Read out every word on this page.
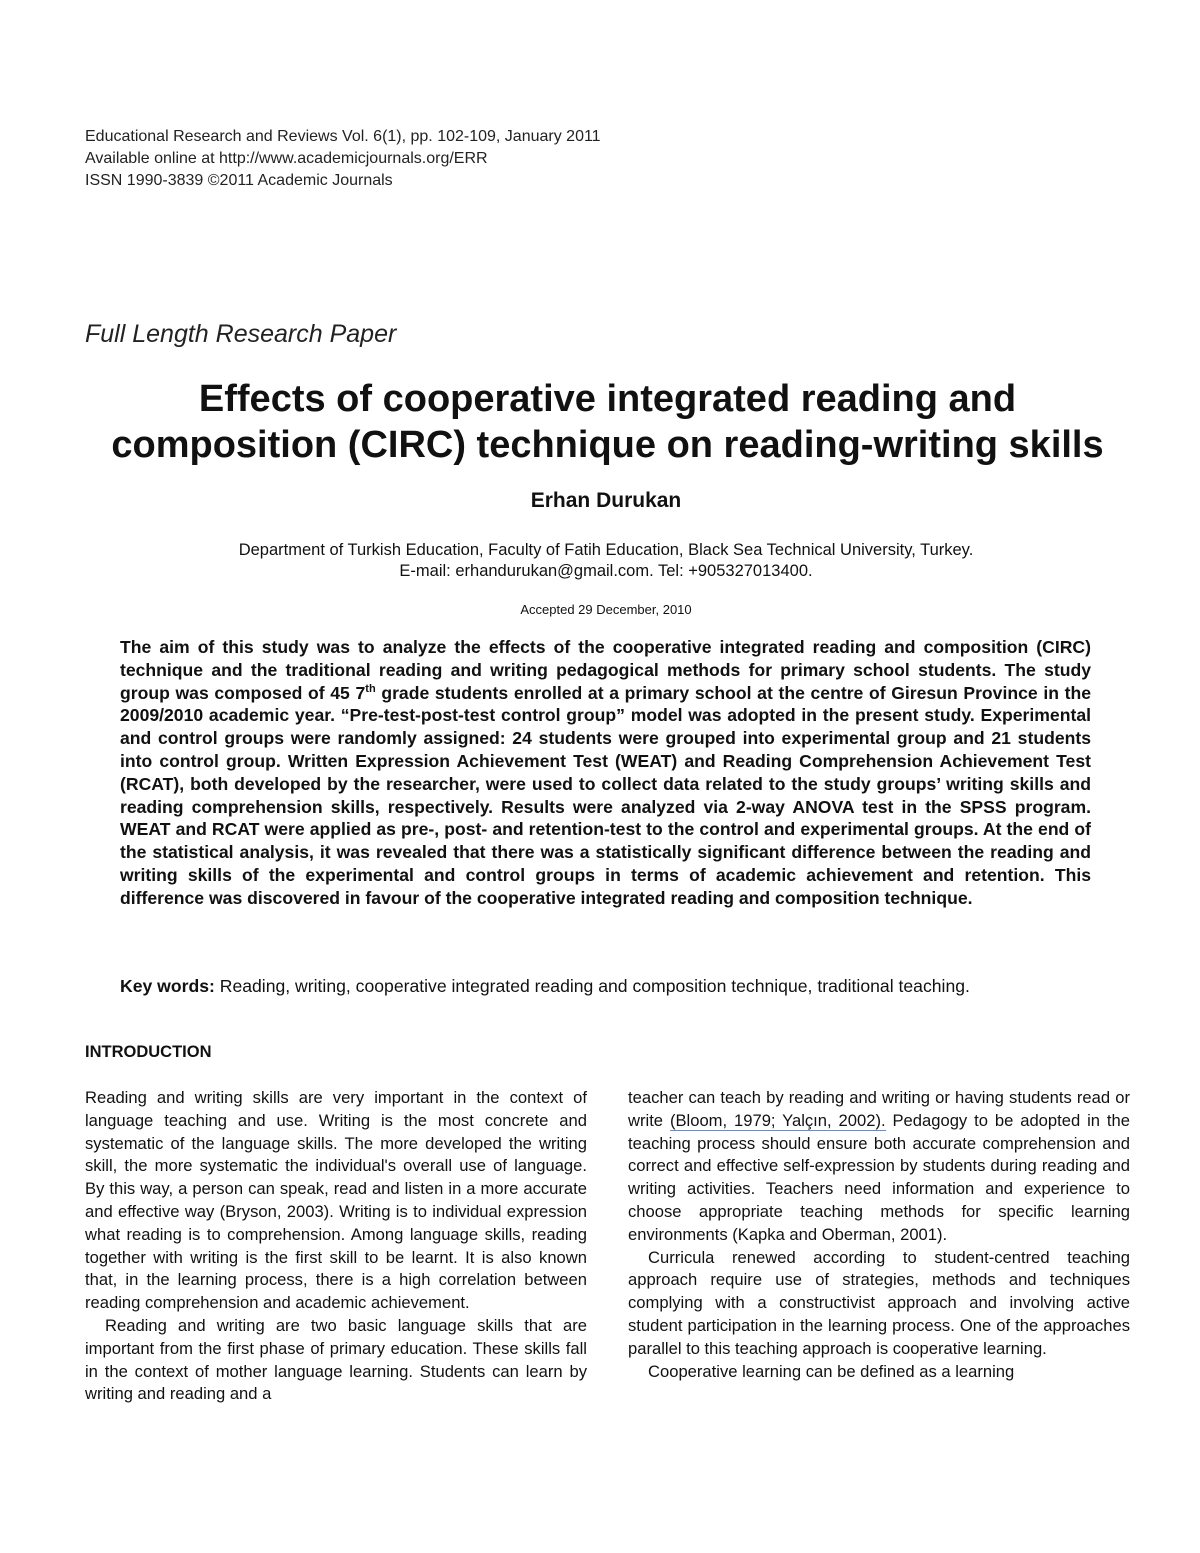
Educational Research and Reviews Vol. 6(1), pp. 102-109, January 2011
Available online at http://www.academicjournals.org/ERR
ISSN 1990-3839 ©2011 Academic Journals
Full Length Research Paper
Effects of cooperative integrated reading and
composition (CIRC) technique on reading-writing skills
Erhan Durukan
Department of Turkish Education, Faculty of Fatih Education, Black Sea Technical University, Turkey.
E-mail: erhandurukan@gmail.com. Tel: +905327013400.
Accepted 29 December, 2010

The aim of this study was to analyze the effects of the cooperative integrated reading and composition (CIRC) technique and the traditional reading and writing pedagogical methods for primary school students. The study group was composed of 45 7th grade students enrolled at a primary school at the centre of Giresun Province in the 2009/2010 academic year. “Pre-test-post-test control group” model was adopted in the present study. Experimental and control groups were randomly assigned: 24 students were grouped into experimental group and 21 students into control group. Written Expression Achievement Test (WEAT) and Reading Comprehension Achievement Test (RCAT), both developed by the researcher, were used to collect data related to the study groups’ writing skills and reading comprehension skills, respectively. Results were analyzed via 2-way ANOVA test in the SPSS program. WEAT and RCAT were applied as pre-, post- and retention-test to the control and experimental groups. At the end of the statistical analysis, it was revealed that there was a statistically significant difference between the reading and writing skills of the experimental and control groups in terms of academic achievement and retention. This difference was discovered in favour of the cooperative integrated reading and composition technique.

Key words: Reading, writing, cooperative integrated reading and composition technique, traditional teaching.
INTRODUCTION

Reading and writing skills are very important in the context of language teaching and use. Writing is the most concrete and systematic of the language skills. The more developed the writing skill, the more systematic the individual's overall use of language. By this way, a person can speak, read and listen in a more accurate and effective way (Bryson, 2003). Writing is to individual expression what reading is to comprehension. Among language skills, reading together with writing is the first skill to be learnt. It is also known that, in the learning process, there is a high correlation between reading comprehension and academic achievement.

Reading and writing are two basic language skills that are important from the first phase of primary education. These skills fall in the context of mother language learning. Students can learn by writing and reading and a

teacher can teach by reading and writing or having students read or write (Bloom, 1979; Yalçın, 2002). Pedagogy to be adopted in the teaching process should ensure both accurate comprehension and correct and effective self-expression by students during reading and writing activities. Teachers need information and experience to choose appropriate teaching methods for specific learning environments (Kapka and Oberman, 2001).

Curricula renewed according to student-centred teaching approach require use of strategies, methods and techniques complying with a constructivist approach and involving active student participation in the learning process. One of the approaches parallel to this teaching approach is cooperative learning.

Cooperative learning can be defined as a learning
